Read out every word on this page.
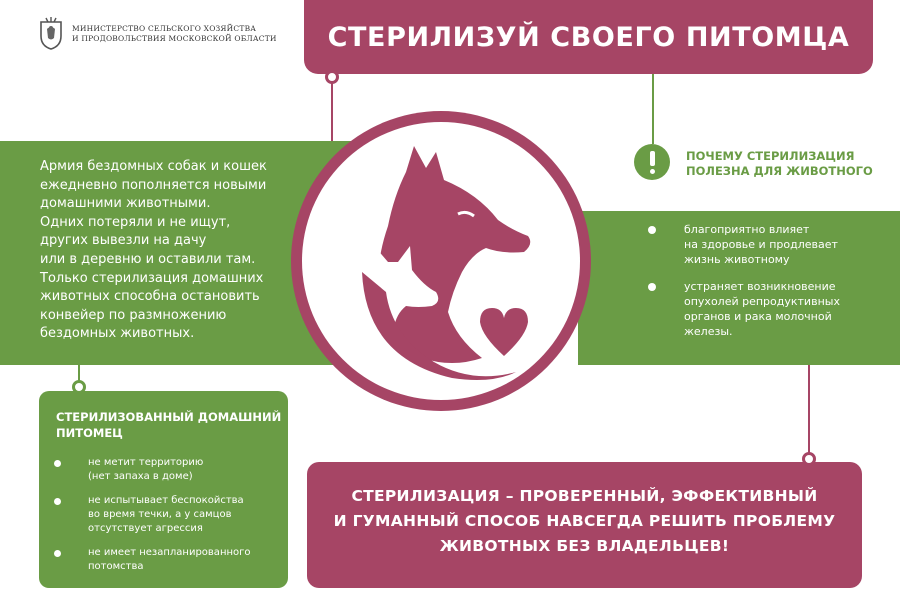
МИНИСТЕРСТВО СЕЛЬСКОГО ХОЗЯЙСТВА
И ПРОДОВОЛЬСТВИЯ МОСКОВСКОЙ ОБЛАСТИ	СТЕРИЛИЗУЙ СВОЕГО ПИТОМЦА
Армия бездомных собак и кошек
ежедневно пополняется новыми
домашними животными.
Одних потеряли и не ищут,
других вывезли на дачу
или в деревню и оставили там.
Только стерилизация домашних
животных способна остановить
конвейер по размножению
бездомных животных.
ПОЧЕМУ СТЕРИЛИЗАЦИЯ
ПОЛЕЗНА ДЛЯ ЖИВОТНОГО
благоприятно влияет
на здоровье и продлевает
жизнь животному
устраняет возникновение
опухолей репродуктивных
органов и рака молочной
железы.
СТЕРИЛИЗОВАННЫЙ ДОМАШНИЙ
ПИТОМЕЦ
не метит территорию
(нет запаха в доме)
не испытывает беспокойства
во время течки, а у самцов
отсутствует агрессия
не имеет незапланированного
потомства
СТЕРИЛИЗАЦИЯ – ПРОВЕРЕННЫЙ, ЭФФЕКТИВНЫЙ
И ГУМАННЫЙ СПОСОБ НАВСЕГДА РЕШИТЬ ПРОБЛЕМУ
ЖИВОТНЫХ БЕЗ ВЛАДЕЛЬЦЕВ!
